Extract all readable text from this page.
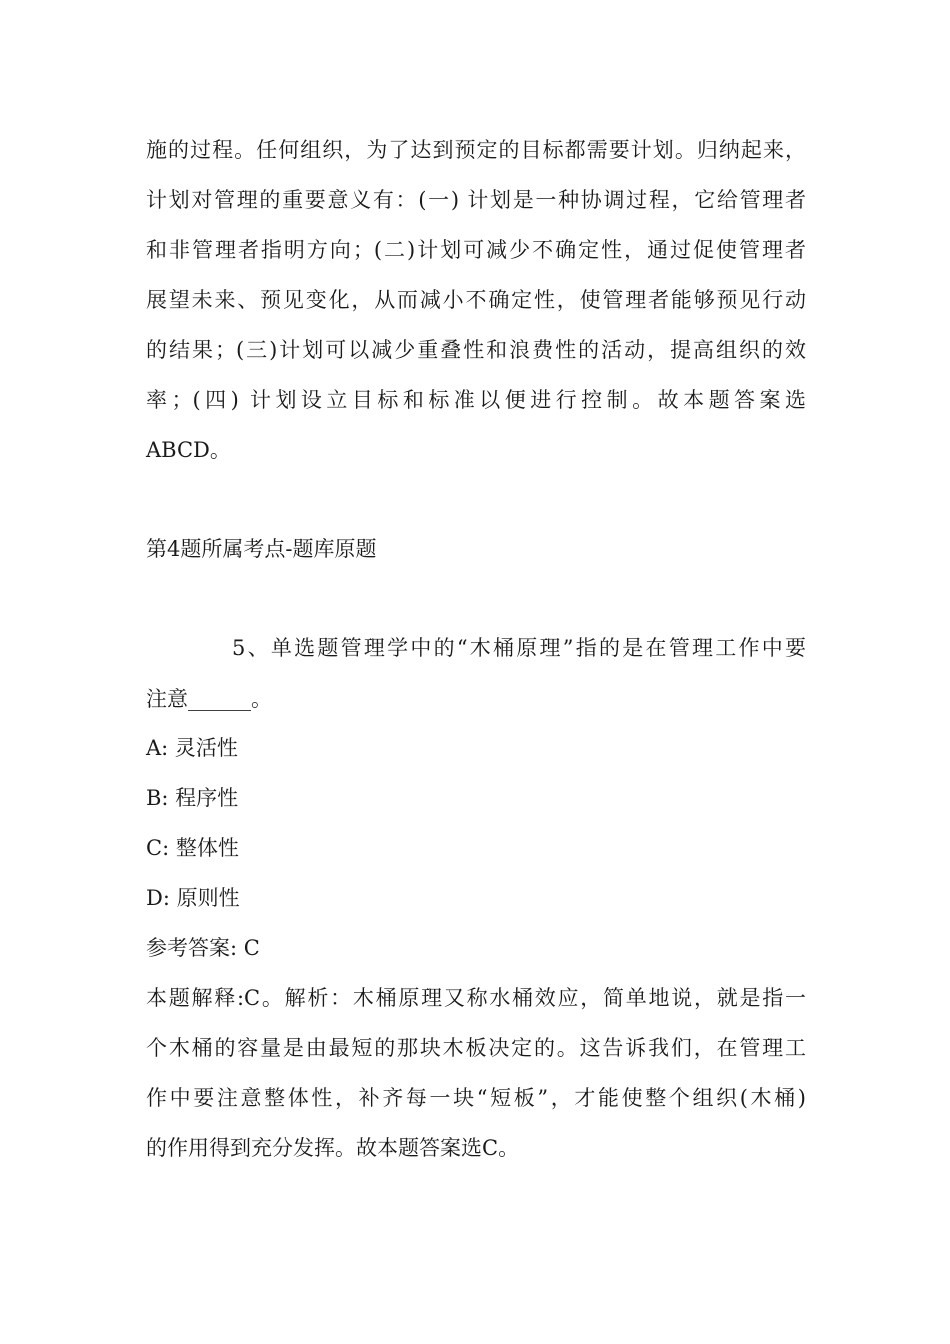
施的过程。任何组织，为了达到预定的目标都需要计划。归纳起来，
计划对管理的重要意义有：(一) 计划是一种协调过程，它给管理者
和非管理者指明方向；(二)计划可减少不确定性，通过促使管理者
展望未来、预见变化，从而减小不确定性，使管理者能够预见行动
的结果；(三)计划可以减少重叠性和浪费性的活动，提高组织的效
率；(四) 计划设立目标和标准以便进行控制。故本题答案选
ABCD。
第4题所属考点-题库原题
5、单选题管理学中的“木桶原理”指的是在管理工作中要
注意______。
A: 灵活性
B: 程序性
C: 整体性
D: 原则性
参考答案: C
本题解释:C。解析：木桶原理又称水桶效应，简单地说，就是指一
个木桶的容量是由最短的那块木板决定的。这告诉我们，在管理工
作中要注意整体性，补齐每一块“短板”，才能使整个组织(木桶)
的作用得到充分发挥。故本题答案选C。
